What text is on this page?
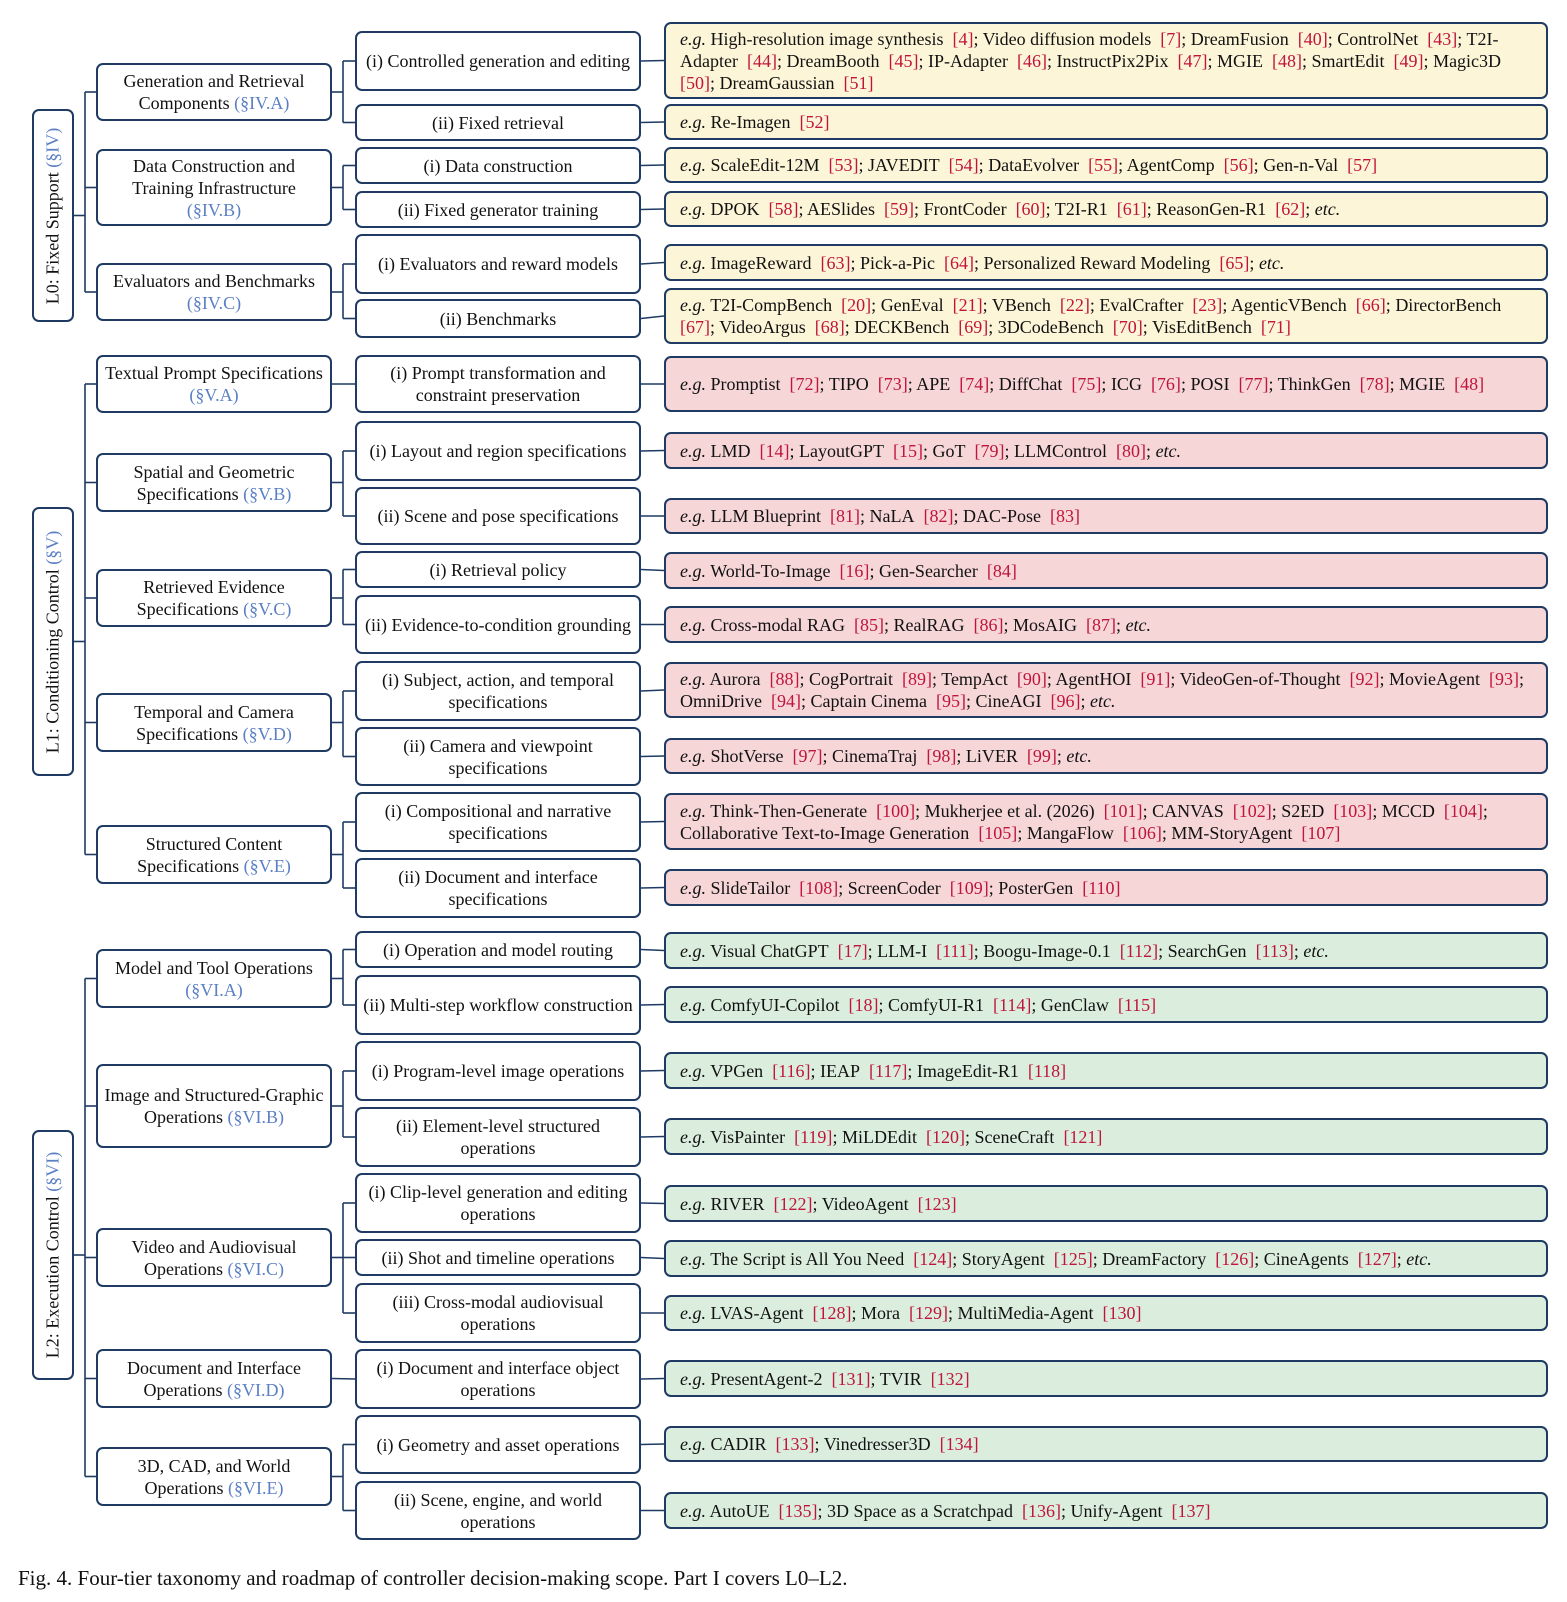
L0: Fixed Support (§IV)
Generation and Retrieval Components (§IV.A)
(i) Controlled generation and editing
e.g. High-resolution image synthesis [4]; Video diffusion models [7]; DreamFusion [40]; ControlNet [43]; T2I-Adapter [44]; DreamBooth [45]; IP-Adapter [46]; InstructPix2Pix [47]; MGIE [48]; SmartEdit [49]; Magic3D  [50]; DreamGaussian [51]
(ii) Fixed retrieval	e.g. Re-Imagen [52]
Data Construction and Training Infrastructure (§IV.B)
(i) Data construction	e.g. ScaleEdit-12M [53]; JAVEDIT [54]; DataEvolver [55]; AgentComp [56]; Gen-n-Val [57]
(ii) Fixed generator training	e.g. DPOK [58]; AESlides [59]; FrontCoder [60]; T2I-R1 [61]; ReasonGen-R1 [62]; etc.
Evaluators and Benchmarks (§IV.C)
(i) Evaluators and reward models	e.g. ImageReward [63]; Pick-a-Pic [64]; Personalized Reward Modeling [65]; etc.
(ii) Benchmarks
e.g. T2I-CompBench [20]; GenEval [21]; VBench [22]; EvalCrafter [23]; AgenticVBench [66]; DirectorBench  [67]; VideoArgus [68]; DECKBench [69]; 3DCodeBench [70]; VisEditBench [71]
L1: Conditioning Control (§V)
Textual Prompt Specifications (§V.A)
(i) Prompt transformation and constraint preservation
e.g. Promptist [72]; TIPO [73]; APE [74]; DiffChat [75]; ICG [76]; POSI [77]; ThinkGen [78]; MGIE [48]
Spatial and Geometric Specifications (§V.B)
(i) Layout and region specifications	e.g. LMD [14]; LayoutGPT [15]; GoT [79]; LLMControl [80]; etc.
(ii) Scene and pose specifications	e.g. LLM Blueprint [81]; NaLA [82]; DAC-Pose [83]
Retrieved Evidence Specifications (§V.C)
(i) Retrieval policy	e.g. World-To-Image [16]; Gen-Searcher [84]
(ii) Evidence-to-condition grounding	e.g. Cross-modal RAG [85]; RealRAG [86]; MosAIG [87]; etc.
Temporal and Camera Specifications (§V.D)
(i) Subject, action, and temporal specifications
e.g. Aurora [88]; CogPortrait [89]; TempAct [90]; AgentHOI [91]; VideoGen-of-Thought [92]; MovieAgent [93]; OmniDrive [94]; Captain Cinema [95]; CineAGI [96]; etc.
(ii) Camera and viewpoint specifications
e.g. ShotVerse [97]; CinemaTraj [98]; LiVER [99]; etc.
Structured Content Specifications (§V.E)
(i) Compositional and narrative specifications
e.g. Think-Then-Generate [100]; Mukherjee et al. (2026) [101]; CANVAS [102]; S2ED [103]; MCCD [104]; Collaborative Text-to-Image Generation [105]; MangaFlow [106]; MM-StoryAgent [107]
(ii) Document and interface specifications
e.g. SlideTailor [108]; ScreenCoder [109]; PosterGen [110]
L2: Execution Control (§VI)
Model and Tool Operations (§VI.A)
(i) Operation and model routing	e.g. Visual ChatGPT [17]; LLM-I [111]; Boogu-Image-0.1 [112]; SearchGen [113]; etc.
(ii) Multi-step workflow construction	e.g. ComfyUI-Copilot [18]; ComfyUI-R1 [114]; GenClaw [115]
Image and Structured-Graphic Operations (§VI.B)
(i) Program-level image operations	e.g. VPGen [116]; IEAP [117]; ImageEdit-R1 [118]
(ii) Element-level structured operations
e.g. VisPainter [119]; MiLDEdit [120]; SceneCraft [121]
Video and Audiovisual Operations (§VI.C)
(i) Clip-level generation and editing operations
e.g. RIVER [122]; VideoAgent [123]
(ii) Shot and timeline operations	e.g. The Script is All You Need [124]; StoryAgent [125]; DreamFactory [126]; CineAgents [127]; etc.
(iii) Cross-modal audiovisual operations
e.g. LVAS-Agent [128]; Mora [129]; MultiMedia-Agent [130]
Document and Interface Operations (§VI.D)
(i) Document and interface object operations
e.g. PresentAgent-2 [131]; TVIR [132]
3D, CAD, and World Operations (§VI.E)
(i) Geometry and asset operations	e.g. CADIR [133]; Vinedresser3D [134]
(ii) Scene, engine, and world operations
e.g. AutoUE [135]; 3D Space as a Scratchpad [136]; Unify-Agent [137]
Fig. 4. Four-tier taxonomy and roadmap of controller decision-making scope. Part I covers L0–L2.
